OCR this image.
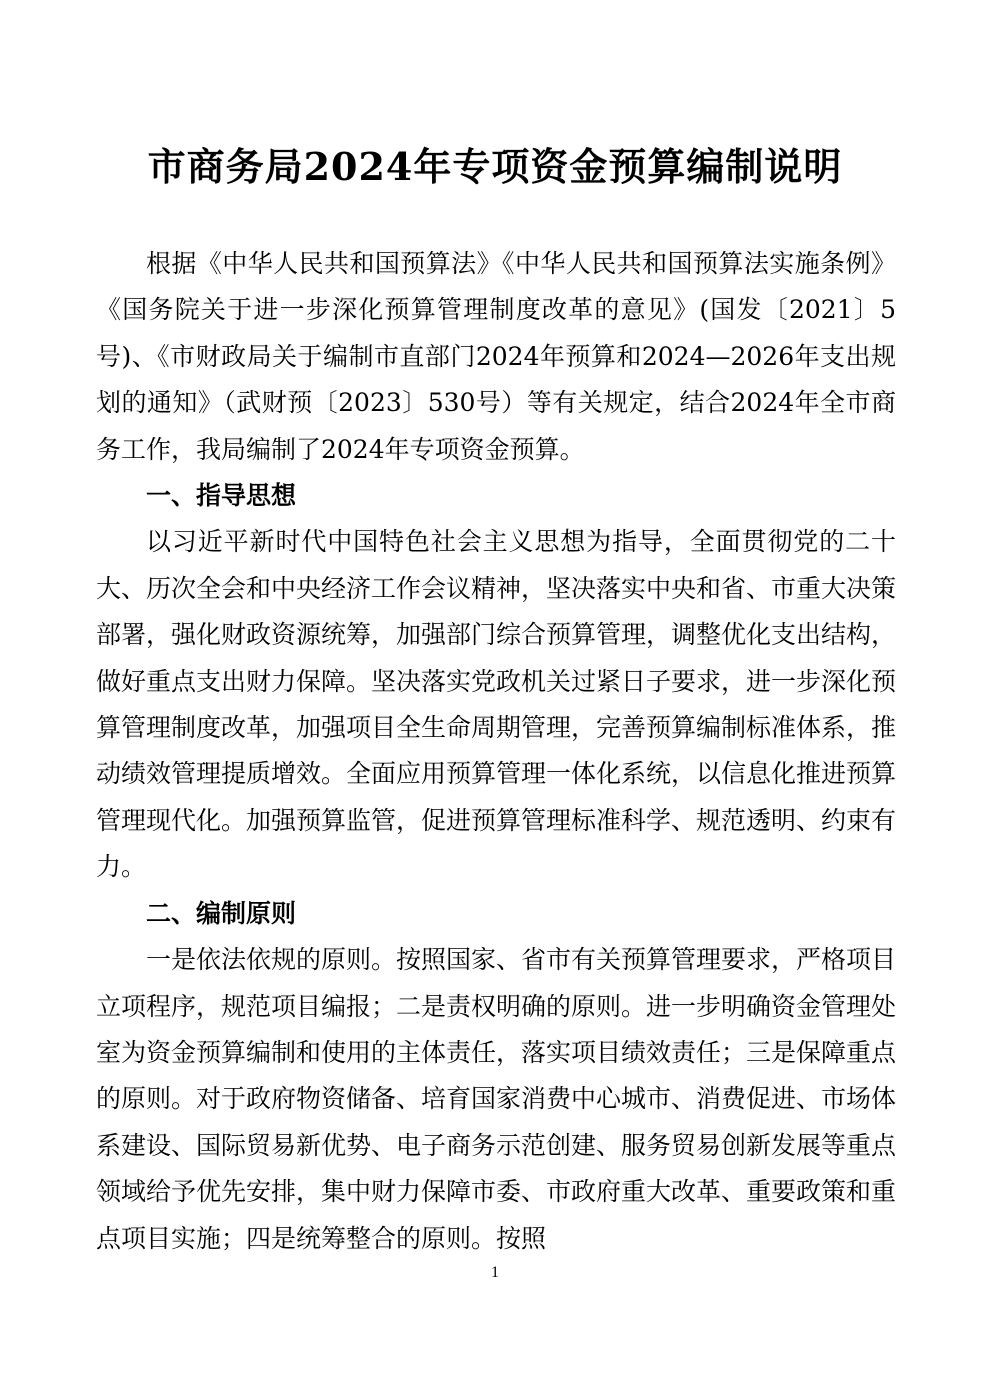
市商务局2024年专项资金预算编制说明

根据《中华人民共和国预算法》《中华人民共和国预算法实施条例》《国务院关于进一步深化预算管理制度改革的意见》(国发〔2021〕5号)、《市财政局关于编制市直部门2024年预算和2024—2026年支出规划的通知》（武财预〔2023〕530号）等有关规定，结合2024年全市商务工作，我局编制了2024年专项资金预算。

一、指导思想

以习近平新时代中国特色社会主义思想为指导，全面贯彻党的二十大、历次全会和中央经济工作会议精神，坚决落实中央和省、市重大决策部署，强化财政资源统筹，加强部门综合预算管理，调整优化支出结构，做好重点支出财力保障。坚决落实党政机关过紧日子要求，进一步深化预算管理制度改革，加强项目全生命周期管理，完善预算编制标准体系，推动绩效管理提质增效。全面应用预算管理一体化系统，以信息化推进预算管理现代化。加强预算监管，促进预算管理标准科学、规范透明、约束有力。

二、编制原则

一是依法依规的原则。按照国家、省市有关预算管理要求，严格项目立项程序，规范项目编报；二是责权明确的原则。进一步明确资金管理处室为资金预算编制和使用的主体责任，落实项目绩效责任；三是保障重点的原则。对于政府物资储备、培育国家消费中心城市、消费促进、市场体系建设、国际贸易新优势、电子商务示范创建、服务贸易创新发展等重点领域给予优先安排，集中财力保障市委、市政府重大改革、重要政策和重点项目实施；四是统筹整合的原则。按照

1
